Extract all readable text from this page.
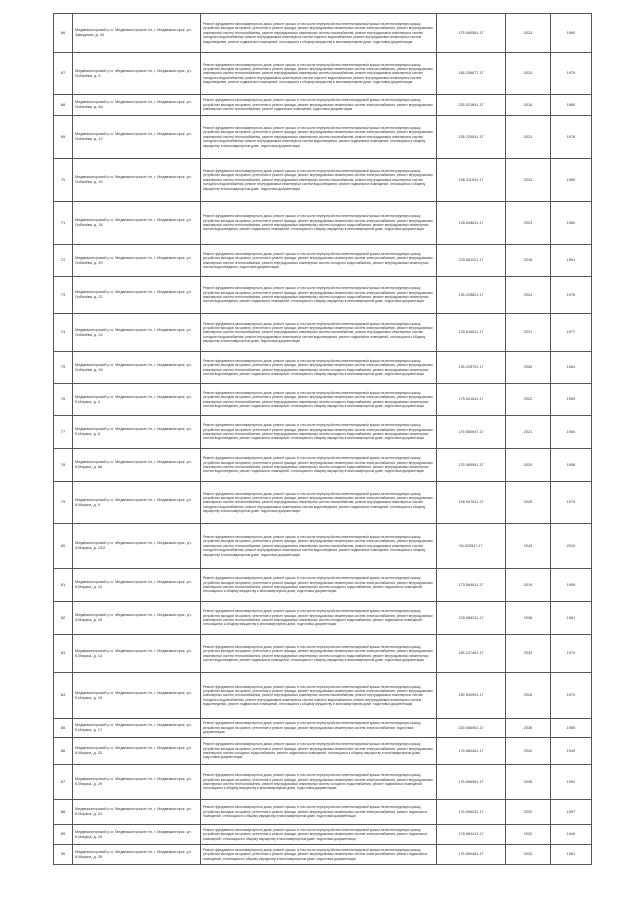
66	Медвежьегорский р-н, Медвежьегорское г/п, г. Медвежьегорск, ул. Заводская, д. 30	Ремонт фундамента многоквартирного дома, ремонт крыши, в том числе переустройство невентилируемой крыши на вентилируемую крышу, устройство выходов на кровлю, утепление и ремонт фасада, ремонт внутридомовых инженерных систем электроснабжения, ремонт внутридомовых инженерных систем теплоснабжения, ремонт внутридомовых инженерных систем газоснабжения, ремонт внутридомовых инженерных систем холодного водоснабжения, ремонт внутридомовых инженерных систем горячего водоснабжения, ремонт внутридомовых инженерных систем водоотведения, ремонт подвальных помещений, относящихся к общему имуществу в многоквартирном доме, подготовка документации	175 540561.17	2023	1960
67	Медвежьегорский р-н, Медвежьегорское г/п, г. Медвежьегорск, ул. Лобачёва, д. 5	Ремонт фундамента многоквартирного дома, ремонт крыши, в том числе переустройство невентилируемой крыши на вентилируемую крышу, устройство выходов на кровлю, утепление и ремонт фасада, ремонт внутридомовых инженерных систем электроснабжения, ремонт внутридомовых инженерных систем теплоснабжения, ремонт внутридомовых инженерных систем газоснабжения, ремонт внутридомовых инженерных систем холодного водоснабжения, ремонт внутридомовых инженерных систем горячего водоснабжения, ремонт внутридомовых инженерных систем водоотведения, ремонт подвальных помещений, относящихся к общему имуществу в многоквартирном доме, подготовка документации	156 236677.17	2024	1975
68	Медвежьегорский р-н, Медвежьегорское г/п, г. Медвежьегорск, ул. Лобачёва, д. 6а	Ремонт фундамента многоквартирного дома, ремонт крыши, в том числе переустройство невентилируемой крыши на вентилируемую крышу, устройство выходов на кровлю, утепление и ремонт фасада, ремонт внутридомовых инженерных систем электроснабжения, ремонт внутридомовых инженерных систем теплоснабжения, ремонт подвальных помещений, подготовка документации	225 521841.17	2016	1980
69	Медвежьегорский р-н, Медвежьегорское г/п, г. Медвежьегорск, ул. Лобачёва, д. 12	Ремонт фундамента многоквартирного дома, ремонт крыши, в том числе переустройство невентилируемой крыши на вентилируемую крышу, устройство выходов на кровлю, утепление и ремонт фасада, ремонт внутридомовых инженерных систем электроснабжения, ремонт внутридомовых инженерных систем теплоснабжения, ремонт внутридомовых инженерных систем газоснабжения, ремонт внутридомовых инженерных систем холодного водоснабжения, ремонт внутридомовых инженерных систем водоотведения, ремонт подвальных помещений, относящихся к общему имуществу в многоквартирном доме, подготовка документации	135 225041.17	2021	1976
70	Медвежьегорский р-н, Медвежьегорское г/п, г. Медвежьегорск, ул. Лобачёва, д. 16	Ремонт фундамента многоквартирного дома, ремонт крыши, в том числе переустройство невентилируемой крыши на вентилируемую крышу, устройство выходов на кровлю, утепление и ремонт фасада, ремонт внутридомовых инженерных систем электроснабжения, ремонт внутридомовых инженерных систем теплоснабжения, ремонт внутридомовых инженерных систем газоснабжения, ремонт внутридомовых инженерных систем холодного водоснабжения, ремонт внутридомовых инженерных систем водоотведения, ремонт подвальных помещений, относящихся к общему имуществу в многоквартирном доме, подготовка документации	156 311941.17	2024	1985
71	Медвежьегорский р-н, Медвежьегорское г/п, г. Медвежьегорск, ул. Лобачёва, д. 18	Ремонт фундамента многоквартирного дома, ремонт крыши, в том числе переустройство невентилируемой крыши на вентилируемую крышу, устройство выходов на кровлю, утепление и ремонт фасада, ремонт внутридомовых инженерных систем электроснабжения, ремонт внутридомовых инженерных систем теплоснабжения, ремонт внутридомовых инженерных систем холодного водоснабжения, ремонт внутридомовых инженерных систем водоотведения, ремонт подвальных помещений, относящихся к общему имуществу в многоквартирном доме, подготовка документации	135 628611.17	2023	1960
72	Медвежьегорский р-н, Медвежьегорское г/п, г. Медвежьегорск, ул. Лобачёва, д. 20	Ремонт фундамента многоквартирного дома, ремонт крыши, в том числе переустройство невентилируемой крыши на вентилируемую крышу, устройство выходов на кровлю, утепление и ремонт фасада, ремонт внутридомовых инженерных систем электроснабжения, ремонт внутридомовых инженерных систем теплоснабжения, ремонт внутридомовых инженерных систем холодного водоснабжения, ремонт внутридомовых инженерных систем водоотведения, подготовка документации	225 561101.17	2016	1961
73	Медвежьегорский р-н, Медвежьегорское г/п, г. Медвежьегорск, ул. Лобачёва, д. 22	Ремонт фундамента многоквартирного дома, ремонт крыши, в том числе переустройство невентилируемой крыши на вентилируемую крышу, устройство выходов на кровлю, утепление и ремонт фасада, ремонт внутридомовых инженерных систем электроснабжения, ремонт внутридомовых инженерных систем теплоснабжения, ремонт внутридомовых инженерных систем холодного водоснабжения, ремонт внутридомовых инженерных систем водоотведения, ремонт подвальных помещений, относящихся к общему имуществу в многоквартирном доме, подготовка документации	135 225821.17	2024	1976
74	Медвежьегорский р-н, Медвежьегорское г/п, г. Медвежьегорск, ул. Лобачёва, д. 24	Ремонт фундамента многоквартирного дома, ремонт крыши, в том числе переустройство невентилируемой крыши на вентилируемую крышу, устройство выходов на кровлю, утепление и ремонт фасада, ремонт внутридомовых инженерных систем электроснабжения, ремонт внутридомовых инженерных систем теплоснабжения, ремонт внутридомовых инженерных систем газоснабжения, ремонт внутридомовых инженерных систем холодного водоснабжения, ремонт внутридомовых инженерных систем водоотведения, ремонт подвальных помещений, относящихся к общему имуществу в многоквартирном доме, подготовка документации	135 616611.17	2021	1977
75	Медвежьегорский р-н, Медвежьегорское г/п, г. Медвежьегорск, ул. Лобачёва, д. 26	Ремонт фундамента многоквартирного дома, ремонт крыши, в том числе переустройство невентилируемой крыши на вентилируемую крышу, устройство выходов на кровлю, утепление и ремонт фасада, ремонт внутридомовых инженерных систем электроснабжения, ремонт внутридомовых инженерных систем теплоснабжения, ремонт внутридомовых инженерных систем холодного водоснабжения, ремонт внутридомовых инженерных систем водоотведения, ремонт подвальных помещений, относящихся к общему имуществу в многоквартирном доме, подготовка документации	135 225701.17	2030	1964
76	Медвежьегорский р-н, Медвежьегорское г/п, г. Медвежьегорск, ул. К.Маркса, д. 4	Ремонт фундамента многоквартирного дома, ремонт крыши, в том числе переустройство невентилируемой крыши на вентилируемую крышу, устройство выходов на кровлю, утепление и ремонт фасада, ремонт внутридомовых инженерных систем электроснабжения, ремонт внутридомовых инженерных систем теплоснабжения, ремонт внутридомовых инженерных систем холодного водоснабжения, ремонт внутридомовых инженерных систем водоотведения, ремонт подвальных помещений, относящихся к общему имуществу в многоквартирном доме, подготовка документации	175 541611.17	2022	1959
77	Медвежьегорский р-н, Медвежьегорское г/п, г. Медвежьегорск, ул. К.Маркса, д. 6	Ремонт фундамента многоквартирного дома, ремонт крыши, в том числе переустройство невентилируемой крыши на вентилируемую крышу, устройство выходов на кровлю, утепление и ремонт фасада, ремонт внутридомовых инженерных систем электроснабжения, ремонт внутридомовых инженерных систем теплоснабжения, ремонт внутридомовых инженерных систем холодного водоснабжения, ремонт внутридомовых инженерных систем водоотведения, ремонт подвальных помещений, относящихся к общему имуществу в многоквартирном доме, подготовка документации	176 650547.17	2021	1960
78	Медвежьегорский р-н, Медвежьегорское г/п, г. Медвежьегорск, ул. К.Маркса, д. 8а	Ремонт фундамента многоквартирного дома, ремонт крыши, в том числе переустройство невентилируемой крыши на вентилируемую крышу, устройство выходов на кровлю, утепление и ремонт фасада, ремонт внутридомовых инженерных систем электроснабжения, ремонт внутридомовых инженерных систем теплоснабжения, ремонт внутридомовых инженерных систем холодного водоснабжения, ремонт внутридомовых инженерных систем водоотведения, ремонт подвальных помещений, относящихся к общему имуществу в многоквартирном доме, подготовка документации	176 565591.17	2020	1958
79	Медвежьегорский р-н, Медвежьегорское г/п, г. Медвежьегорск, ул. К.Маркса, д. 9	Ремонт фундамента многоквартирного дома, ремонт крыши, в том числе переустройство невентилируемой крыши на вентилируемую крышу, устройство выходов на кровлю, утепление и ремонт фасада, ремонт внутридомовых инженерных систем электроснабжения, ремонт внутридомовых инженерных систем теплоснабжения, ремонт внутридомовых инженерных систем газоснабжения, ремонт внутридомовых инженерных систем холодного водоснабжения, ремонт внутридомовых инженерных систем водоотведения, ремонт подвальных помещений, относящихся к общему имуществу в многоквартирном доме, подготовка документации	155 547611.17	2028	1975
80	Медвежьегорский р-н, Медвежьегорское г/п, г. Медвежьегорск, ул. К.Маркса, д. 10/2	Ремонт фундамента многоквартирного дома, ремонт крыши, в том числе переустройство невентилируемой крыши на вентилируемую крышу, устройство выходов на кровлю, утепление и ремонт фасада, ремонт внутридомовых инженерных систем электроснабжения, ремонт внутридомовых инженерных систем теплоснабжения, ремонт внутридомовых инженерных систем газоснабжения, ремонт внутридомовых инженерных систем холодного водоснабжения, ремонт внутридомовых инженерных систем водоотведения, ремонт подвальных помещений, относящихся к общему имуществу в многоквартирном доме, подготовка документации	05 520547.17	2043	2013
81	Медвежьегорский р-н, Медвежьегорское г/п, г. Медвежьегорск, ул. К.Маркса, д. 12	Ремонт фундамента многоквартирного дома, ремонт крыши, в том числе переустройство невентилируемой крыши на вентилируемую крышу, устройство выходов на кровлю, утепление и ремонт фасада, ремонт внутридомовых инженерных систем электроснабжения, ремонт внутридомовых инженерных систем теплоснабжения, ремонт внутридомовых инженерных систем холодного водоснабжения, ремонт подвальных помещений, относящихся к общему имуществу в многоквартирном доме, подготовка документации	175 564611.17	2019	1959
82	Медвежьегорский р-н, Медвежьегорское г/п, г. Медвежьегорск, ул. К.Маркса, д. 15	Ремонт фундамента многоквартирного дома, ремонт крыши, в том числе переустройство невентилируемой крыши на вентилируемую крышу, устройство выходов на кровлю, утепление и ремонт фасада, ремонт внутридомовых инженерных систем электроснабжения, ремонт внутридомовых инженерных систем теплоснабжения, ремонт внутридомовых инженерных систем холодного водоснабжения, ремонт подвальных помещений, относящихся к общему имуществу в многоквартирном доме, подготовка документации	225 656211.17	2036	1981
83	Медвежьегорский р-н, Медвежьегорское г/п, г. Медвежьегорск, ул. К.Маркса, д. 14	Ремонт фундамента многоквартирного дома, ремонт крыши, в том числе переустройство невентилируемой крыши на вентилируемую крышу, устройство выходов на кровлю, утепление и ремонт фасада, ремонт внутридомовых инженерных систем электроснабжения, ремонт внутридомовых инженерных систем теплоснабжения, ремонт внутридомовых инженерных систем холодного водоснабжения, ремонт внутридомовых инженерных систем водоотведения, ремонт подвальных помещений, относящихся к общему имуществу в многоквартирном доме, подготовка документации	155 227461.17	2033	1974
84	Медвежьегорский р-н, Медвежьегорское г/п, г. Медвежьегорск, ул. К.Маркса, д. 16	Ремонт фундамента многоквартирного дома, ремонт крыши, в том числе переустройство невентилируемой крыши на вентилируемую крышу, устройство выходов на кровлю, утепление и ремонт фасада, ремонт внутридомовых инженерных систем электроснабжения, ремонт внутридомовых инженерных систем теплоснабжения, ремонт внутридомовых инженерных систем газоснабжения, ремонт внутридомовых инженерных систем холодного водоснабжения, ремонт внутридомовых инженерных систем горячего водоснабжения, ремонт внутридомовых инженерных систем водоотведения, ремонт подвальных помещений, относящихся к общему имуществу в многоквартирном доме, подготовка документации	155 540901.17	2028	1970
85	Медвежьегорский р-н, Медвежьегорское г/п, г. Медвежьегорск, ул. К.Маркса, д. 17	Ремонт фундамента многоквартирного дома, ремонт крыши, в том числе переустройство невентилируемой крыши на вентилируемую крышу, устройство выходов на кровлю, утепление и ремонт фасада, ремонт внутридомовых инженерных систем электроснабжения, подготовка документации	225 656061.17	2036	1980
86	Медвежьегорский р-н, Медвежьегорское г/п, г. Медвежьегорск, ул. К.Маркса, д. 20	Ремонт фундамента многоквартирного дома, ремонт крыши, в том числе переустройство невентилируемой крыши на вентилируемую крышу, устройство выходов на кровлю, утепление и ремонт фасада, ремонт внутридомовых инженерных систем электроснабжения, ремонт внутридомовых инженерных систем холодного водоснабжения, ремонт подвальных помещений, относящихся к общему имуществу в многоквартирном доме, подготовка документации	176 660461.17	2040	1949
87	Медвежьегорский р-н, Медвежьегорское г/п, г. Медвежьегорск, ул. К.Маркса, д. 29	Ремонт фундамента многоквартирного дома, ремонт крыши, в том числе переустройство невентилируемой крыши на вентилируемую крышу, устройство выходов на кровлю, утепление и ремонт фасада, ремонт внутридомовых инженерных систем электроснабжения, ремонт внутридомовых инженерных систем теплоснабжения, ремонт внутридомовых инженерных систем холодного водоснабжения, ремонт подвальных помещений, относящихся к общему имуществу в многоквартирном доме, подготовка документации	176 656961.17	2036	1952
88	Медвежьегорский р-н, Медвежьегорское г/п, г. Медвежьегорск, ул. К.Маркса, д. 31	Ремонт фундамента многоквартирного дома, ремонт крыши, в том числе переустройство невентилируемой крыши на вентилируемую крышу, устройство выходов на кровлю, утепление и ремонт фасада, ремонт внутридомовых инженерных систем электроснабжения, ремонт подвальных помещений, относящихся к общему имуществу в многоквартирном доме, подготовка документации	176 656231.17	2020	1957
89	Медвежьегорский р-н, Медвежьегорское г/п, г. Медвежьегорск, ул. К.Маркса, д. 33	Ремонт фундамента многоквартирного дома, ремонт крыши, в том числе переустройство невентилируемой крыши на вентилируемую крышу, устройство выходов на кровлю, утепление и ремонт фасада, ремонт внутридомовых инженерных систем электроснабжения, ремонт подвальных помещений, относящихся к общему имуществу в многоквартирном доме, подготовка документации	176 660411.17	2020	1949
90	Медвежьегорский р-н, Медвежьегорское г/п, г. Медвежьегорск, ул. К.Маркса, д. 35	Ремонт фундамента многоквартирного дома, ремонт крыши, в том числе переустройство невентилируемой крыши на вентилируемую крышу, устройство выходов на кровлю, утепление и ремонт фасада, ремонт внутридомовых инженерных систем электроснабжения, ремонт подвальных помещений, относящихся к общему имуществу в многоквартирном доме, подготовка документации	176 660461.17	2020	1961
